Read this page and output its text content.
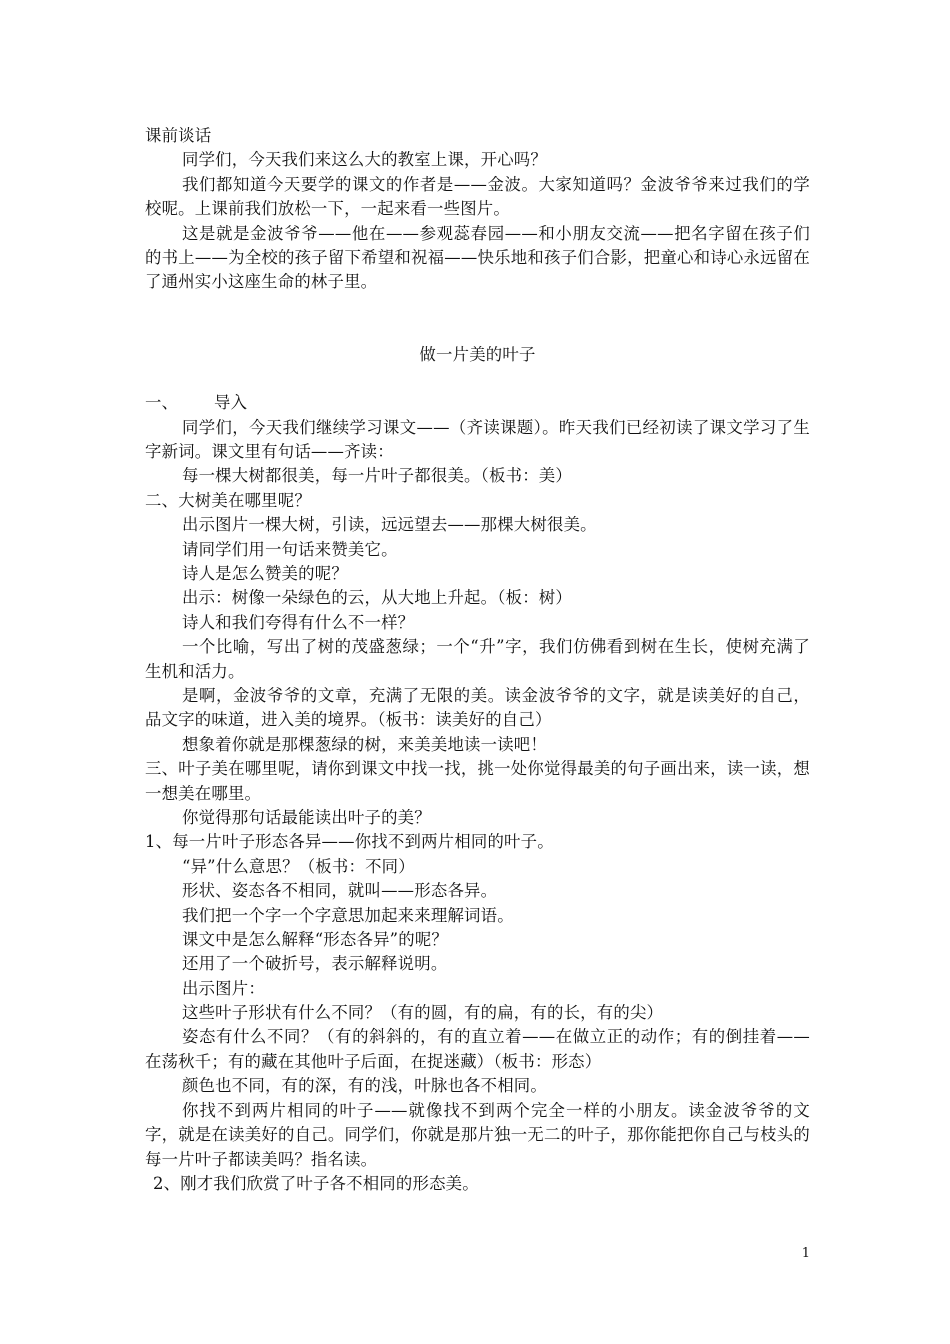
课前谈话
同学们，今天我们来这么大的教室上课，开心吗？
我们都知道今天要学的课文的作者是——金波。大家知道吗？金波爷爷来过我们的学校呢。上课前我们放松一下，一起来看一些图片。
这是就是金波爷爷——他在——参观蕊春园——和小朋友交流——把名字留在孩子们的书上——为全校的孩子留下希望和祝福——快乐地和孩子们合影，把童心和诗心永远留在了通州实小这座生命的林子里。
做一片美的叶子
一、 导入
同学们，今天我们继续学习课文——（齐读课题）。昨天我们已经初读了课文学习了生字新词。课文里有句话——齐读：
每一棵大树都很美，每一片叶子都很美。（板书：美）
二、大树美在哪里呢？
出示图片一棵大树，引读，远远望去——那棵大树很美。
请同学们用一句话来赞美它。
诗人是怎么赞美的呢？
出示：树像一朵绿色的云，从大地上升起。（板：树）
诗人和我们夸得有什么不一样？
一个比喻，写出了树的茂盛葱绿；一个“升”字，我们仿佛看到树在生长，使树充满了生机和活力。
是啊，金波爷爷的文章，充满了无限的美。读金波爷爷的文字，就是读美好的自己，品文字的味道，进入美的境界。（板书：读美好的自己）
想象着你就是那棵葱绿的树，来美美地读一读吧！
三、叶子美在哪里呢，请你到课文中找一找，挑一处你觉得最美的句子画出来，读一读，想一想美在哪里。
你觉得那句话最能读出叶子的美？
1、每一片叶子形态各异——你找不到两片相同的叶子。
“异”什么意思？（板书：不同）
形状、姿态各不相同，就叫——形态各异。
我们把一个字一个字意思加起来来理解词语。
课文中是怎么解释“形态各异”的呢？
还用了一个破折号，表示解释说明。
出示图片：
这些叶子形状有什么不同？（有的圆，有的扁，有的长，有的尖）
姿态有什么不同？（有的斜斜的，有的直立着——在做立正的动作；有的倒挂着——在荡秋千；有的藏在其他叶子后面，在捉迷藏）（板书：形态）
颜色也不同，有的深，有的浅，叶脉也各不相同。
你找不到两片相同的叶子——就像找不到两个完全一样的小朋友。读金波爷爷的文字，就是在读美好的自己。同学们，你就是那片独一无二的叶子，那你能把你自己与枝头的每一片叶子都读美吗？指名读。
2、刚才我们欣赏了叶子各不相同的形态美。
1
